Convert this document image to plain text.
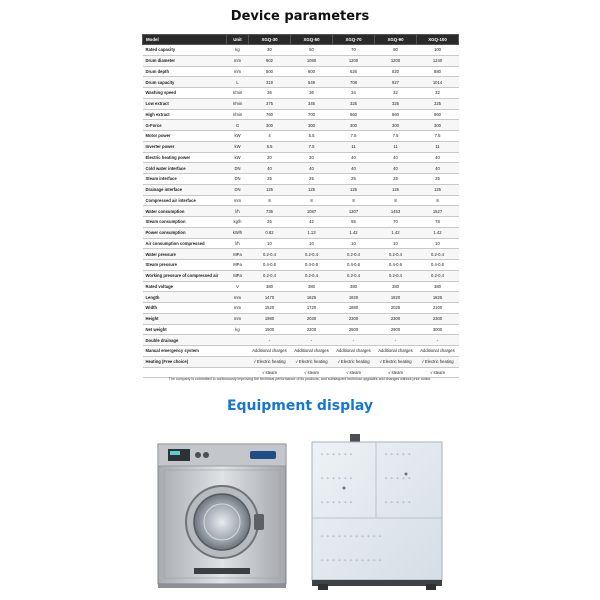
Device parameters
Model	Unit	XGQ-30	XGQ-50	XGQ-70	XGQ-90	XGQ-100
Rated capacity	kg	30	50	70	90	100
Drum diameter	mm	902	1080	1200	1200	1240
Drum depth	mm	500	600	626	820	880
Drum capacity	L	319	549	708	927	1014
Washing speed	r/min	36	36	34	32	32
Low extract	r/min	375	345	325	325	325
High extract	r/min	760	700	660	660	660
G-Force	G	300	300	300	300	300
Motor power	kW	4	5.5	7.5	7.5	7.5
Inverter power	kW	5.5	7.5	11	11	11
Electric heating power	kW	20	20	40	40	40
Cold water interface	DN	40	40	40	40	40
Steam interface	DN	25	25	25	25	25
Drainage interface	DN	125	125	125	125	125
Compressed air interface	mm	8	8	8	8	8
Water consumption	l/h	735	1087	1307	1453	1527
Steam consumption	kg/h	26	42	55	70	78
Power consumption	kW/h	0.82	1.13	1.42	1.42	1.42
Air consumption compressed	l/h	10	10	10	10	10
Water pressure	MPa	0.2-0.4	0.2-0.4	0.2-0.4	0.2-0.4	0.2-0.4
Steam pressure	MPa	0.4-0.6	0.4-0.6	0.4-0.6	0.4-0.6	0.4-0.6
Working pressure of compressed air	MPa	0.2-0.4	0.2-0.4	0.2-0.4	0.2-0.4	0.2-0.4
Rated voltage	V	380	380	380	380	380
Length	mm	1470	1625	1820	1820	1825
Width	mm	1520	1720	1880	2025	2100
Height	mm	1980	2030	2300	2300	2300
Net weight	kg	1500	2200	2500	2900	3000
Double drainage		-	-	-	-	-
Manual emergency system		Additional charges	Additional charges	Additional charges	Additional charges	Additional charges
Heating (Free choice)		√ Electric heating	√ Electric heating	√ Electric heating	√ Electric heating	√ Electric heating
		√ steam	√ steam	√ steam	√ steam	√ steam
The company is committed to continuously improving the technical performance of its products, and subsequent technical upgrades and changes without prior notice.
Equipment display
✦ ✦ ✦ ✦ ✦ ✦
✦ ✦ ✦ ✦ ✦ ✦
✦ ✦ ✦ ✦ ✦ ✦
✦ ✦ ✦ ✦ ✦
✦ ✦ ✦ ✦ ✦
✦ ✦ ✦ ✦ ✦
✦ ✦ ✦ ✦ ✦ ✦ ✦ ✦ ✦ ✦ ✦
✦ ✦ ✦ ✦ ✦ ✦ ✦ ✦ ✦ ✦ ✦
